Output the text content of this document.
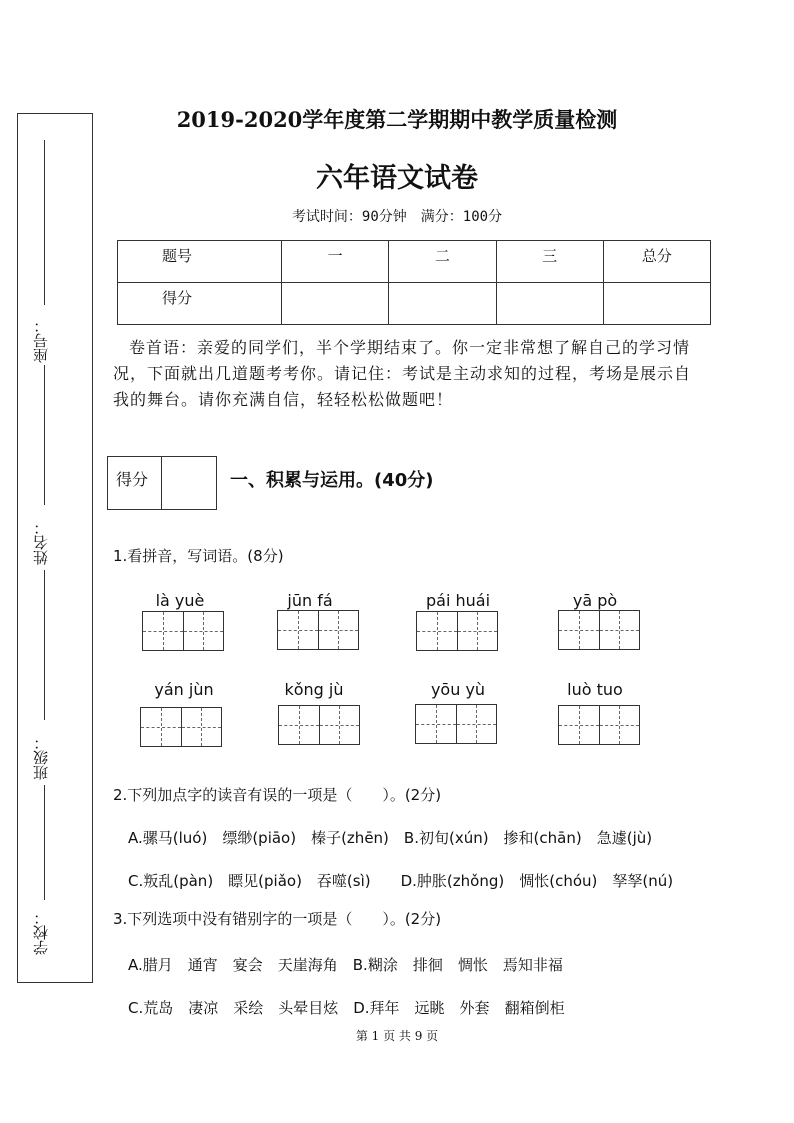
座号：
姓名：
班级：
学校：
2019-2020学年度第二学期期中教学质量检测
六年语文试卷
考试时间：90分钟　满分：100分
题号	一	二	三	总分
得分				
卷首语：亲爱的同学们，半个学期结束了。你一定非常想了解自己的学习情况，下面就出几道题考考你。请记住：考试是主动求知的过程，考场是展示自我的舞台。请你充满自信，轻轻松松做题吧！
得分	一、积累与运用。(40分)
1.看拼音，写词语。(8分)
là yuè	jūn fá	pái huái	yā pò
yán jùn	kǒng jù	yōu yù	luò tuo
2.下列加点字的读音有误的一项是（　　）。(2分)
A.骡马(luó)　缥缈(piāo)　榛子(zhēn)　B.初旬(xún)　掺和(chān)　急遽(jù)
C.叛乱(pàn)　瞟见(piǎo)　吞噬(sì)　　D.肿胀(zhǒng)　惆怅(chóu)　孥孥(nú)
3.下列选项中没有错别字的一项是（　　）。(2分)
A.腊月　通宵　宴会　天崖海角　B.糊涂　排徊　惆怅　焉知非福
C.荒岛　凄凉　采绘　头晕目炫　D.拜年　远眺　外套　翻箱倒柜
第 1 页 共 9 页
